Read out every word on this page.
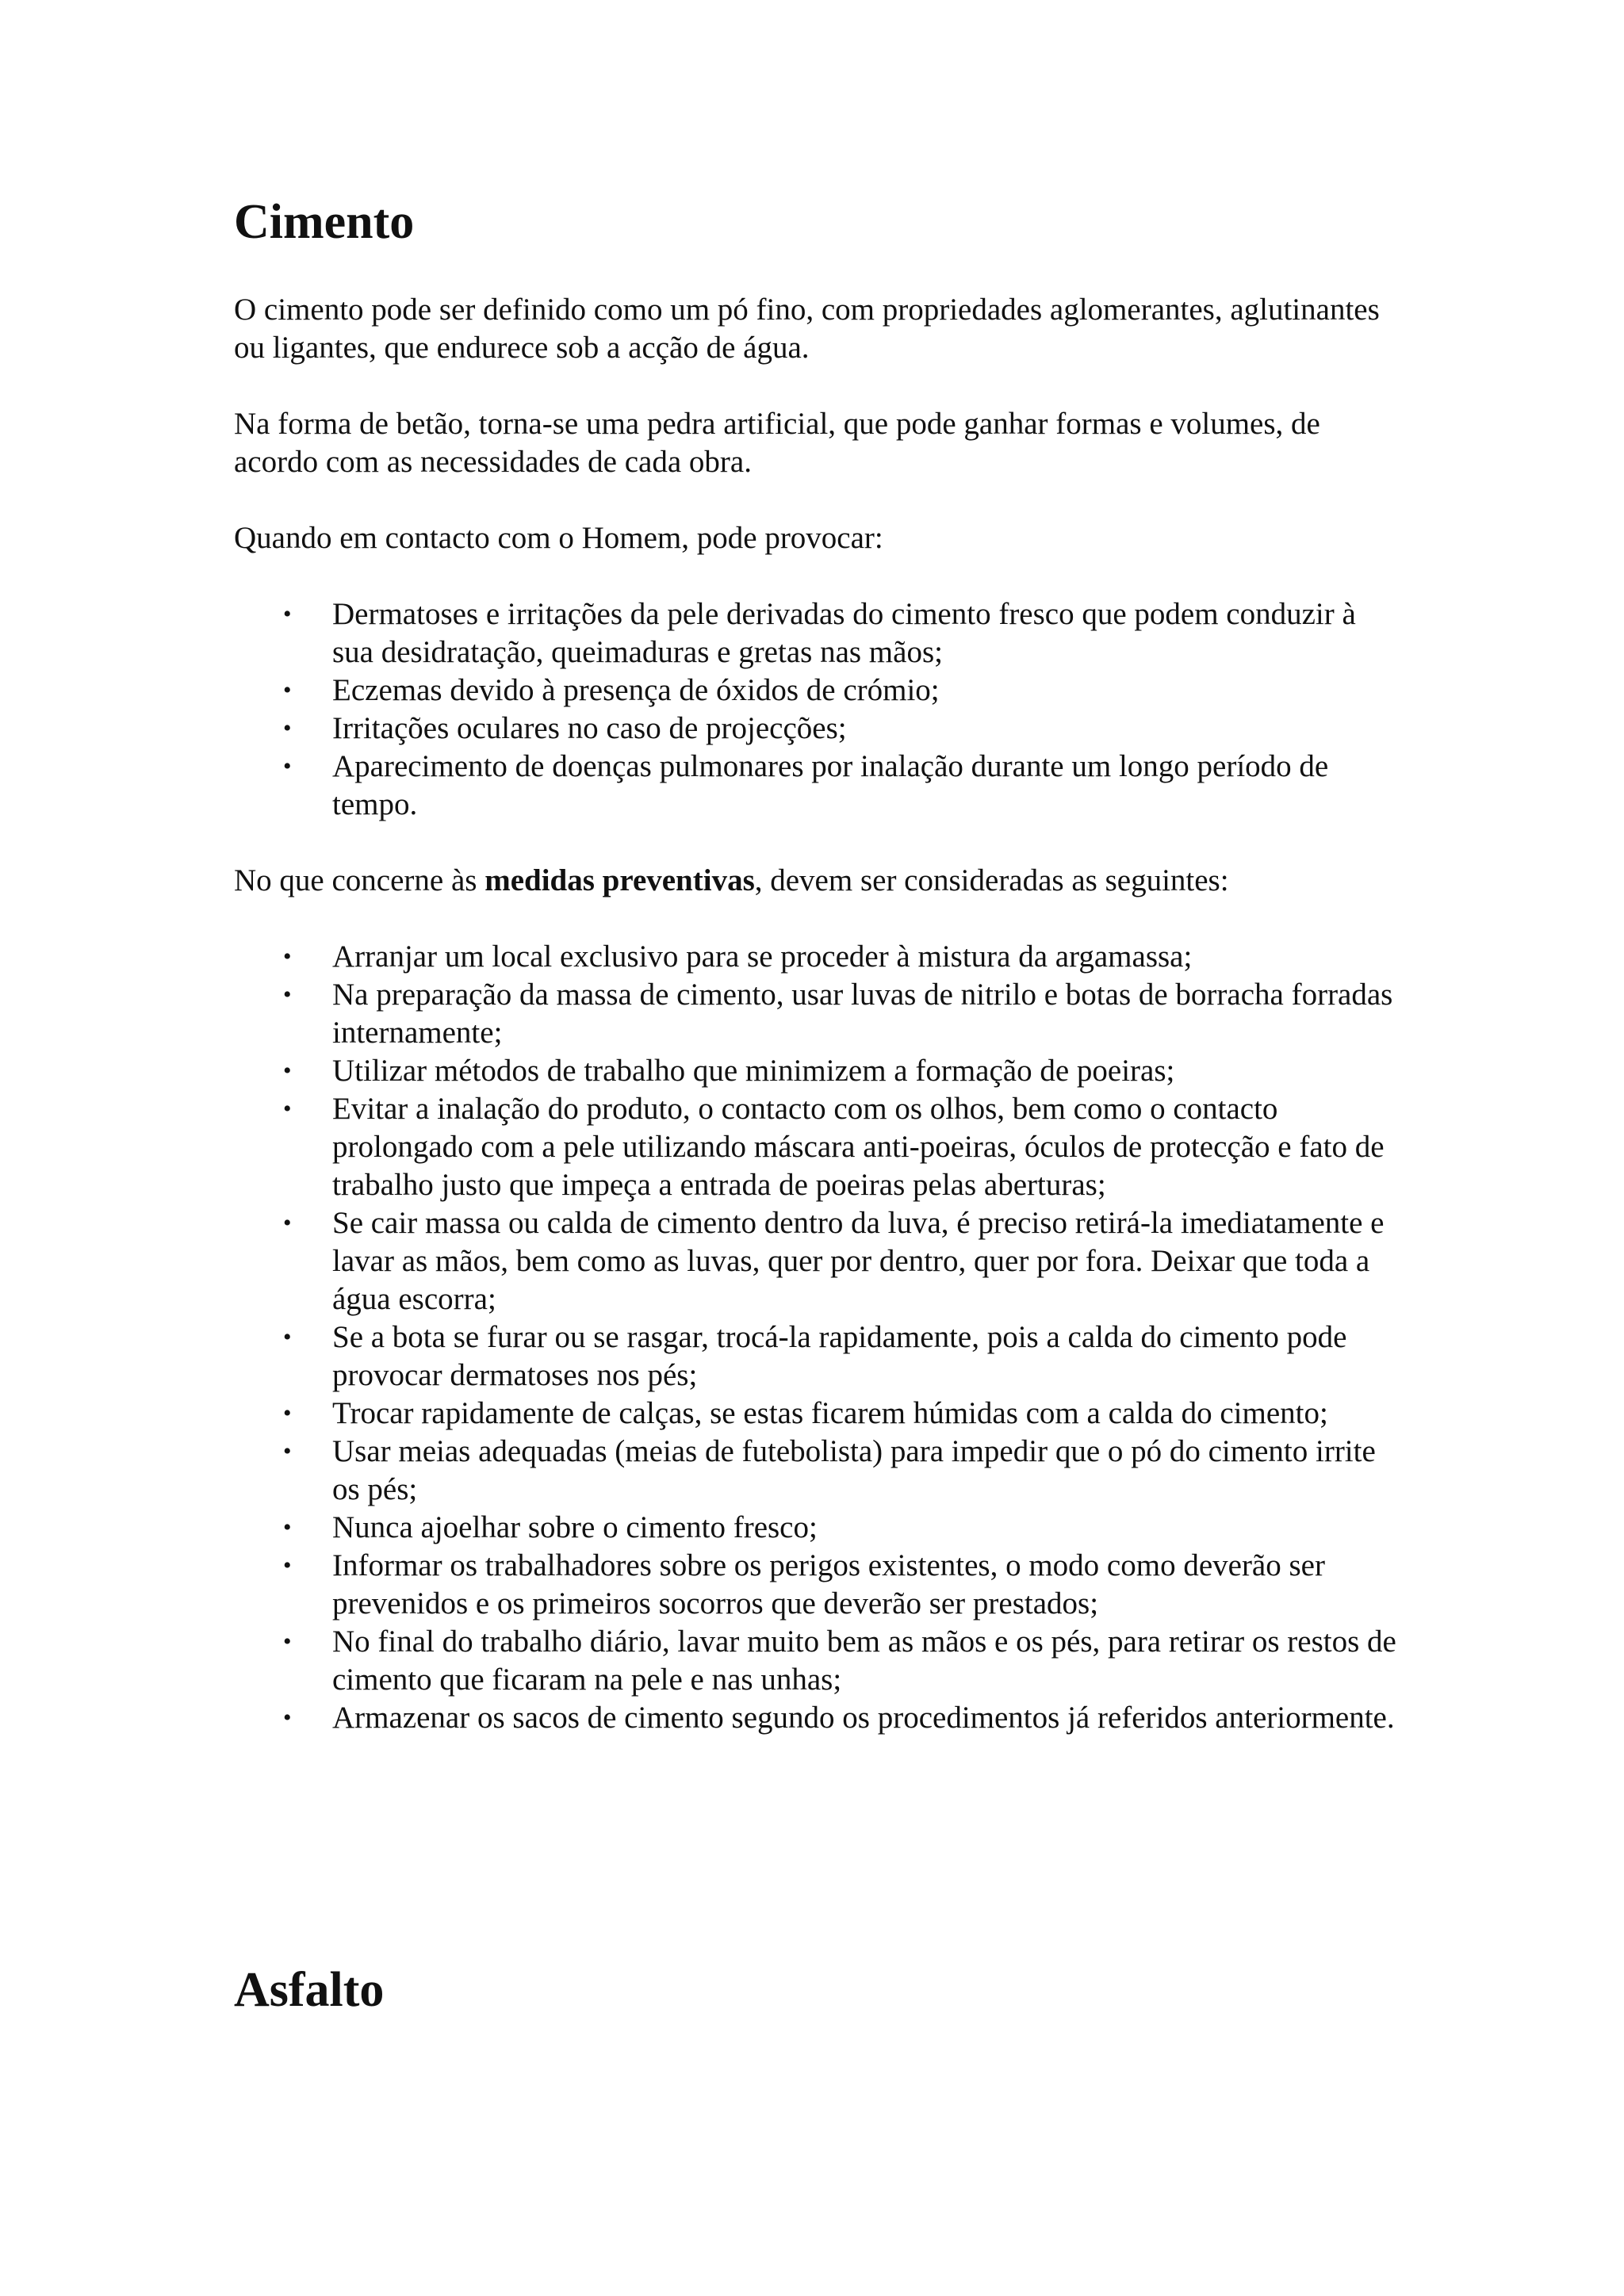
Cimento

O cimento pode ser definido como um pó fino, com propriedades aglomerantes, aglutinantes ou ligantes, que endurece sob a acção de água.

Na forma de betão, torna-se uma pedra artificial, que pode ganhar formas e volumes, de acordo com as necessidades de cada obra.

Quando em contacto com o Homem, pode provocar:

• Dermatoses e irritações da pele derivadas do cimento fresco que podem conduzir à sua desidratação, queimaduras e gretas nas mãos;
• Eczemas devido à presença de óxidos de crómio;
• Irritações oculares no caso de projecções;
• Aparecimento de doenças pulmonares por inalação durante um longo período de tempo.

No que concerne às medidas preventivas, devem ser consideradas as seguintes:

• Arranjar um local exclusivo para se proceder à mistura da argamassa;
• Na preparação da massa de cimento, usar luvas de nitrilo e botas de borracha forradas internamente;
• Utilizar métodos de trabalho que minimizem a formação de poeiras;
• Evitar a inalação do produto, o contacto com os olhos, bem como o contacto prolongado com a pele utilizando máscara anti-poeiras, óculos de protecção e fato de trabalho justo que impeça a entrada de poeiras pelas aberturas;
• Se cair massa ou calda de cimento dentro da luva, é preciso retirá-la imediatamente e lavar as mãos, bem como as luvas, quer por dentro, quer por fora. Deixar que toda a água escorra;
• Se a bota se furar ou se rasgar, trocá-la rapidamente, pois a calda do cimento pode provocar dermatoses nos pés;
• Trocar rapidamente de calças, se estas ficarem húmidas com a calda do cimento;
• Usar meias adequadas (meias de futebolista) para impedir que o pó do cimento irrite os pés;
• Nunca ajoelhar sobre o cimento fresco;
• Informar os trabalhadores sobre os perigos existentes, o modo como deverão ser prevenidos e os primeiros socorros que deverão ser prestados;
• No final do trabalho diário, lavar muito bem as mãos e os pés, para retirar os restos de cimento que ficaram na pele e nas unhas;
• Armazenar os sacos de cimento segundo os procedimentos já referidos anteriormente.
Asfalto
